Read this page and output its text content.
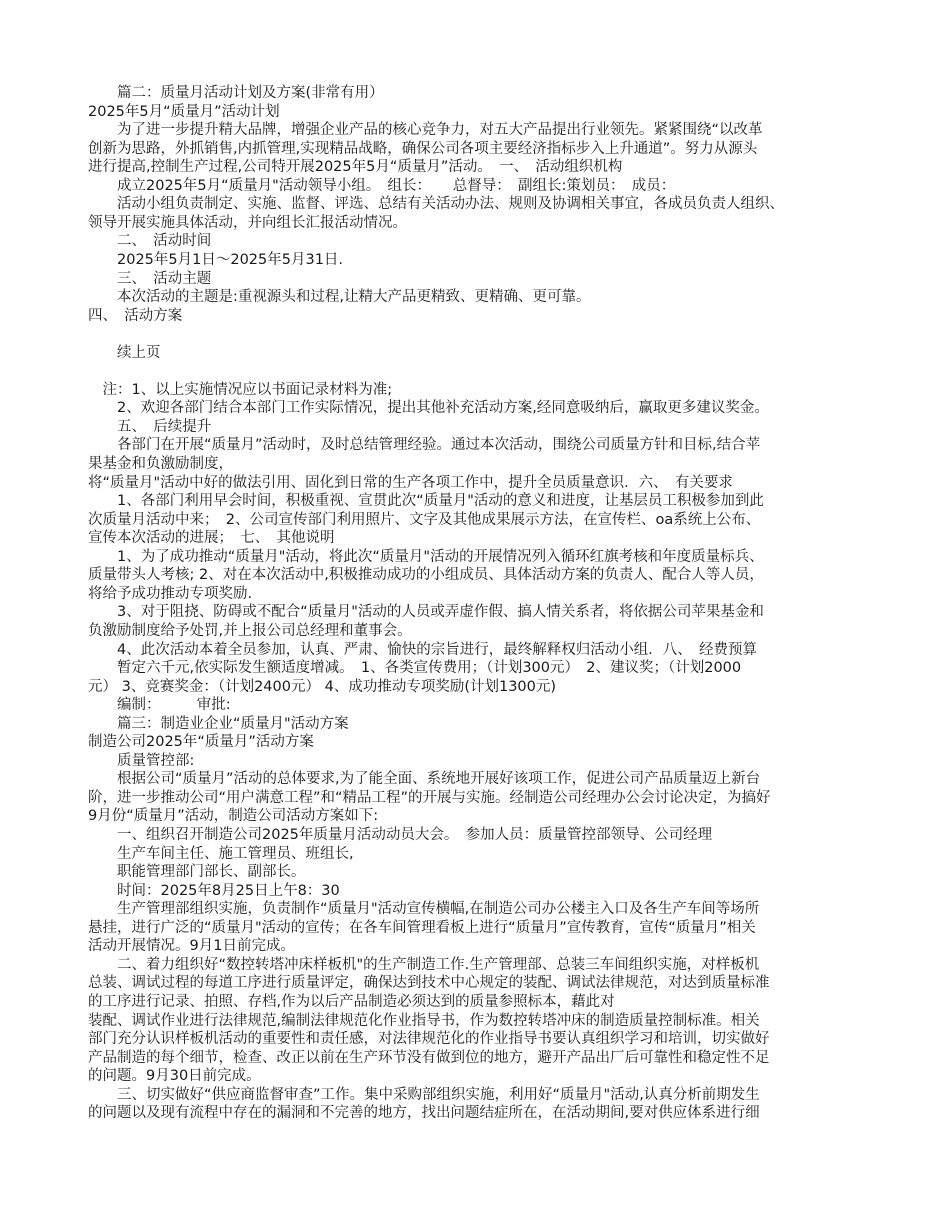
　　篇二：质量月活动计划及方案(非常有用）
2025年5月“质量月”活动计划
　　为了进一步提升精大品牌，增强企业产品的核心竞争力，对五大产品提出行业领先。紧紧围绕“以改革
创新为思路，外抓销售,内抓管理,实现精品战略，确保公司各项主要经济指标步入上升通道”。努力从源头
进行提高,控制生产过程,公司特开展2025年5月“质量月”活动。　一、　活动组织机构
　　成立2025年5月“质量月"活动领导小组。　组长：　　总督导：　副组长:策划员：　成员：
　　活动小组负责制定、实施、监督、评选、总结有关活动办法、规则及协调相关事宜，各成员负责人组织、
领导开展实施具体活动，并向组长汇报活动情况。
　　二、　活动时间
　　2025年5月1日～2025年5月31日.
　　三、　活动主题
　　本次活动的主题是:重视源头和过程,让精大产品更精致、更精确、更可靠。
四、　活动方案
　　续上页
　注：1、以上实施情况应以书面记录材料为准;
　　2、欢迎各部门结合本部门工作实际情况，提出其他补充活动方案,经同意吸纳后，赢取更多建议奖金。
　　五、　后续提升
　　各部门在开展“质量月”活动时，及时总结管理经验。通过本次活动，围绕公司质量方针和目标,结合苹
果基金和负激励制度，
将“质量月"活动中好的做法引用、固化到日常的生产各项工作中，提升全员质量意识．六、　有关要求
　　1、各部门利用早会时间，积极重视、宣贯此次“质量月"活动的意义和进度，让基层员工积极参加到此
次质量月活动中来；　2、公司宣传部门利用照片、文字及其他成果展示方法，在宣传栏、oa系统上公布、
宣传本次活动的进展；　七、　其他说明
　　1、为了成功推动“质量月"活动，将此次“质量月"活动的开展情况列入循环红旗考核和年度质量标兵、
质量带头人考核; 2、对在本次活动中,积极推动成功的小组成员、具体活动方案的负责人、配合人等人员，
将给予成功推动专项奖励.
　　3、对于阻挠、防碍或不配合“质量月"活动的人员或弄虚作假、搞人情关系者，将依据公司苹果基金和
负激励制度给予处罚,并上报公司总经理和董事会。
　　4、此次活动本着全员参加，认真、严肃、愉快的宗旨进行，最终解释权归活动小组．八、　经费预算
　　暂定六千元,依实际发生额适度增减。　1、各类宣传费用；（计划300元）　2、建议奖；（计划2000
元） 3、竞赛奖金：（计划2400元） 4、成功推动专项奖励(计划1300元)
　　编制：　　　审批:
　　篇三：制造业企业“质量月"活动方案
制造公司2025年“质量月”活动方案
　　质量管控部:
　　根据公司“质量月”活动的总体要求,为了能全面、系统地开展好该项工作，促进公司产品质量迈上新台
阶，进一步推动公司“用户满意工程”和“精品工程”的开展与实施。经制造公司经理办公会讨论决定，为搞好
9月份“质量月”活动，制造公司活动方案如下:
　　一、组织召开制造公司2025年质量月活动动员大会。　参加人员：质量管控部领导、公司经理
　　生产车间主任、施工管理员、班组长,
　　职能管理部门部长、副部长。
　　时间：2025年8月25日上午8：30
　　生产管理部组织实施，负责制作“质量月"活动宣传横幅,在制造公司办公楼主入口及各生产车间等场所
悬挂，进行广泛的“质量月"活动的宣传；在各车间管理看板上进行“质量月”宣传教育，宣传“质量月”相关
活动开展情况。9月1日前完成。
　　二、着力组织好“数控转塔冲床样板机"的生产制造工作.生产管理部、总装三车间组织实施，对样板机
总装、调试过程的每道工序进行质量评定，确保达到技术中心规定的装配、调试法律规范，对达到质量标准
的工序进行记录、拍照、存档,作为以后产品制造必须达到的质量参照标本，藉此对
装配、调试作业进行法律规范,编制法律规范化作业指导书，作为数控转塔冲床的制造质量控制标准。相关
部门充分认识样板机活动的重要性和责任感，对法律规范化的作业指导书要认真组织学习和培训，切实做好
产品制造的每个细节，检查、改正以前在生产环节没有做到位的地方，避开产品出厂后可靠性和稳定性不足
的问题。9月30日前完成。
　　三、切实做好“供应商监督审查”工作。集中采购部组织实施，利用好“质量月"活动,认真分析前期发生
的问题以及现有流程中存在的漏洞和不完善的地方，找出问题结症所在，在活动期间,要对供应体系进行细
